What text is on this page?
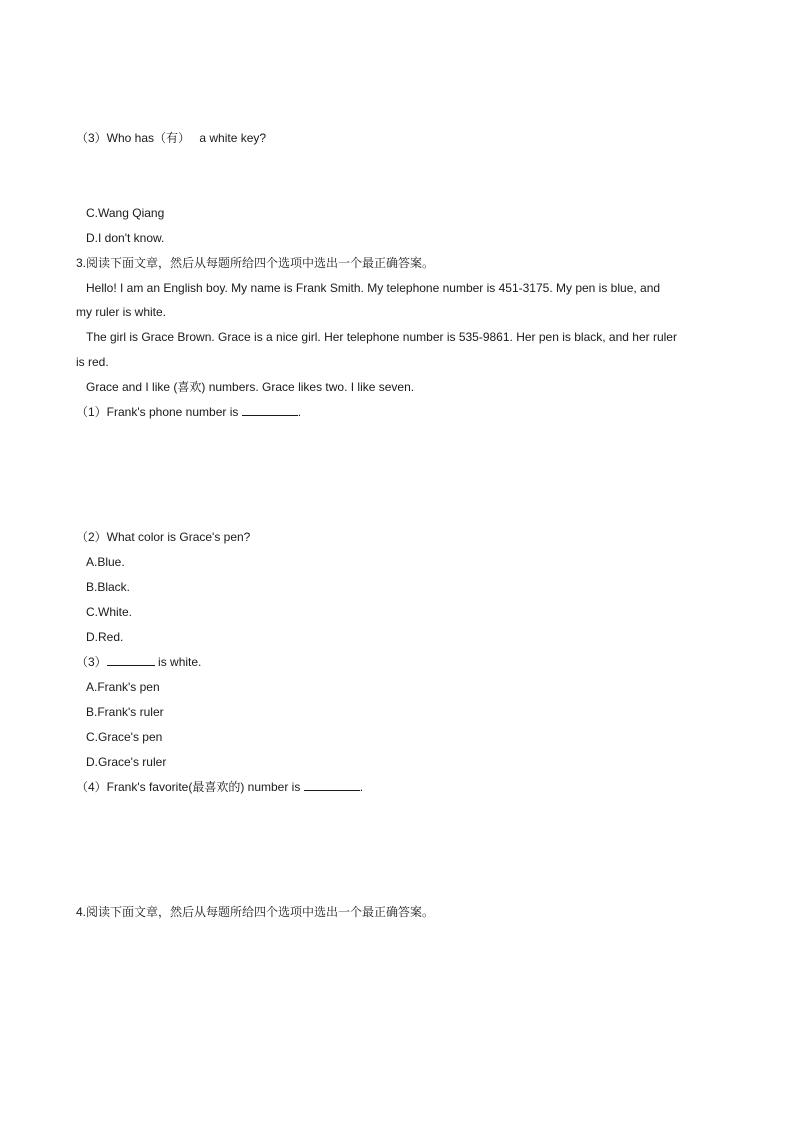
（3）Who has（有） a white key?
C.Wang Qiang
D.I don't know.
3.阅读下面文章，然后从每题所给四个选项中选出一个最正确答案。
Hello! I am an English boy. My name is Frank Smith. My telephone number is 451-3175. My pen is blue, and
my ruler is white.
The girl is Grace Brown. Grace is a nice girl. Her telephone number is 535-9861. Her pen is black, and her ruler
is red.
Grace and I like (喜欢) numbers. Grace likes two. I like seven.
（1）Frank's phone number is	.
（2）What color is Grace's pen?
A.Blue.
B.Black.
C.White.
D.Red.
（3）	is white.
A.Frank's pen
B.Frank's ruler
C.Grace's pen
D.Grace's ruler
（4）Frank's favorite(最喜欢的) number is	.
4.阅读下面文章，然后从每题所给四个选项中选出一个最正确答案。
